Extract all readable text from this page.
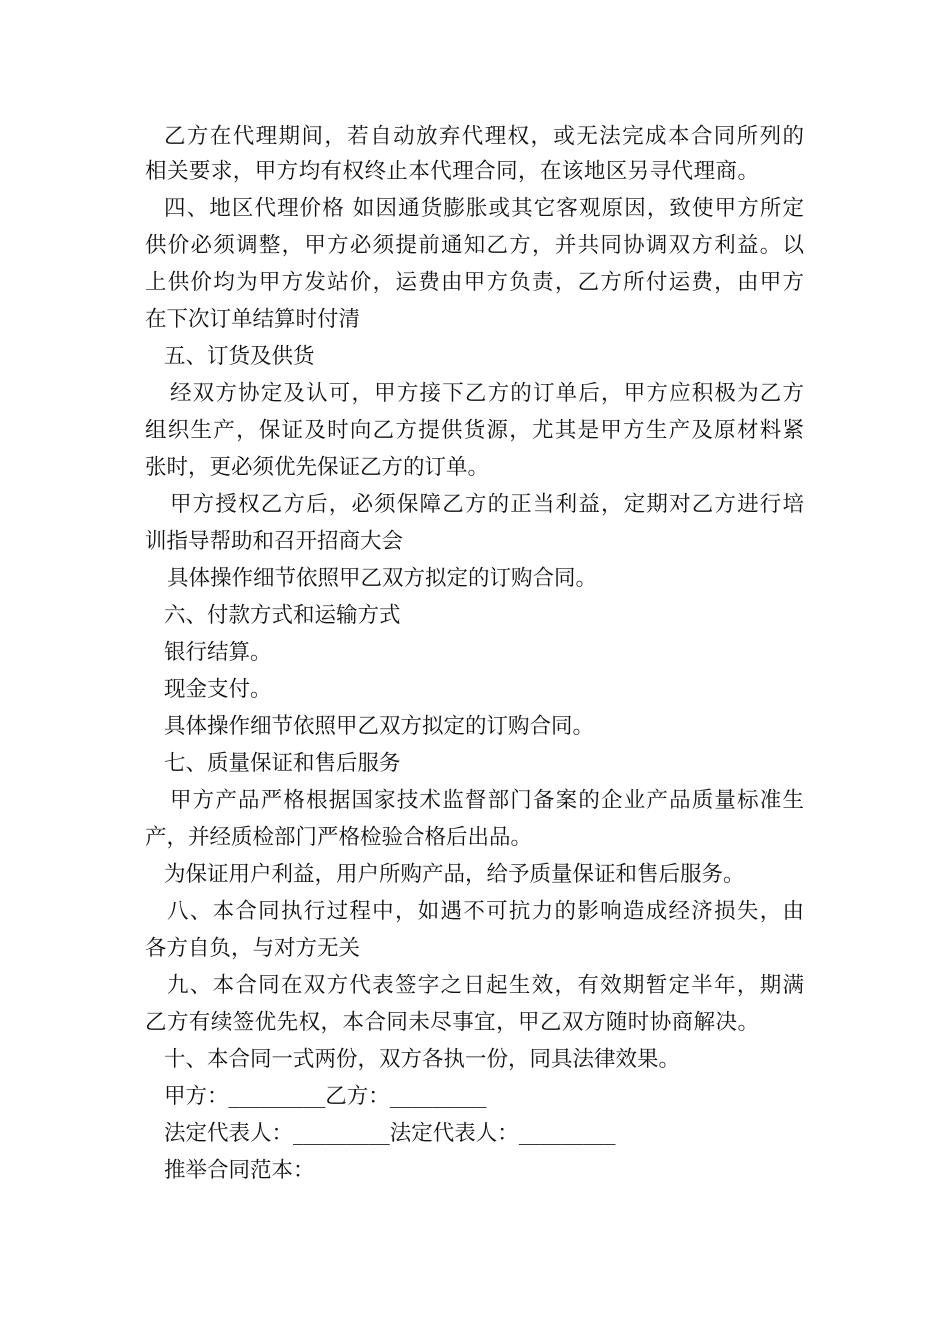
乙方在代理期间，若自动放弃代理权，或无法完成本合同所列的
相关要求，甲方均有权终止本代理合同，在该地区另寻代理商。
四、地区代理价格 如因通货膨胀或其它客观原因，致使甲方所定
供价必须调整，甲方必须提前通知乙方，并共同协调双方利益。以
上供价均为甲方发站价，运费由甲方负责，乙方所付运费，由甲方
在下次订单结算时付清
五、订货及供货
经双方协定及认可，甲方接下乙方的订单后，甲方应积极为乙方
组织生产，保证及时向乙方提供货源，尤其是甲方生产及原材料紧
张时，更必须优先保证乙方的订单。
甲方授权乙方后，必须保障乙方的正当利益，定期对乙方进行培
训指导帮助和召开招商大会
具体操作细节依照甲乙双方拟定的订购合同。
六、付款方式和运输方式
银行结算。
现金支付。
具体操作细节依照甲乙双方拟定的订购合同。
七、质量保证和售后服务
甲方产品严格根据国家技术监督部门备案的企业产品质量标准生
产，并经质检部门严格检验合格后出品。
为保证用户利益，用户所购产品，给予质量保证和售后服务。
八、本合同执行过程中，如遇不可抗力的影响造成经济损失，由
各方自负，与对方无关
九、本合同在双方代表签字之日起生效，有效期暂定半年，期满
乙方有续签优先权，本合同未尽事宜，甲乙双方随时协商解决。
十、本合同一式两份，双方各执一份，同具法律效果。
甲方：_________乙方：_________
法定代表人：_________法定代表人：_________
推举合同范本：
